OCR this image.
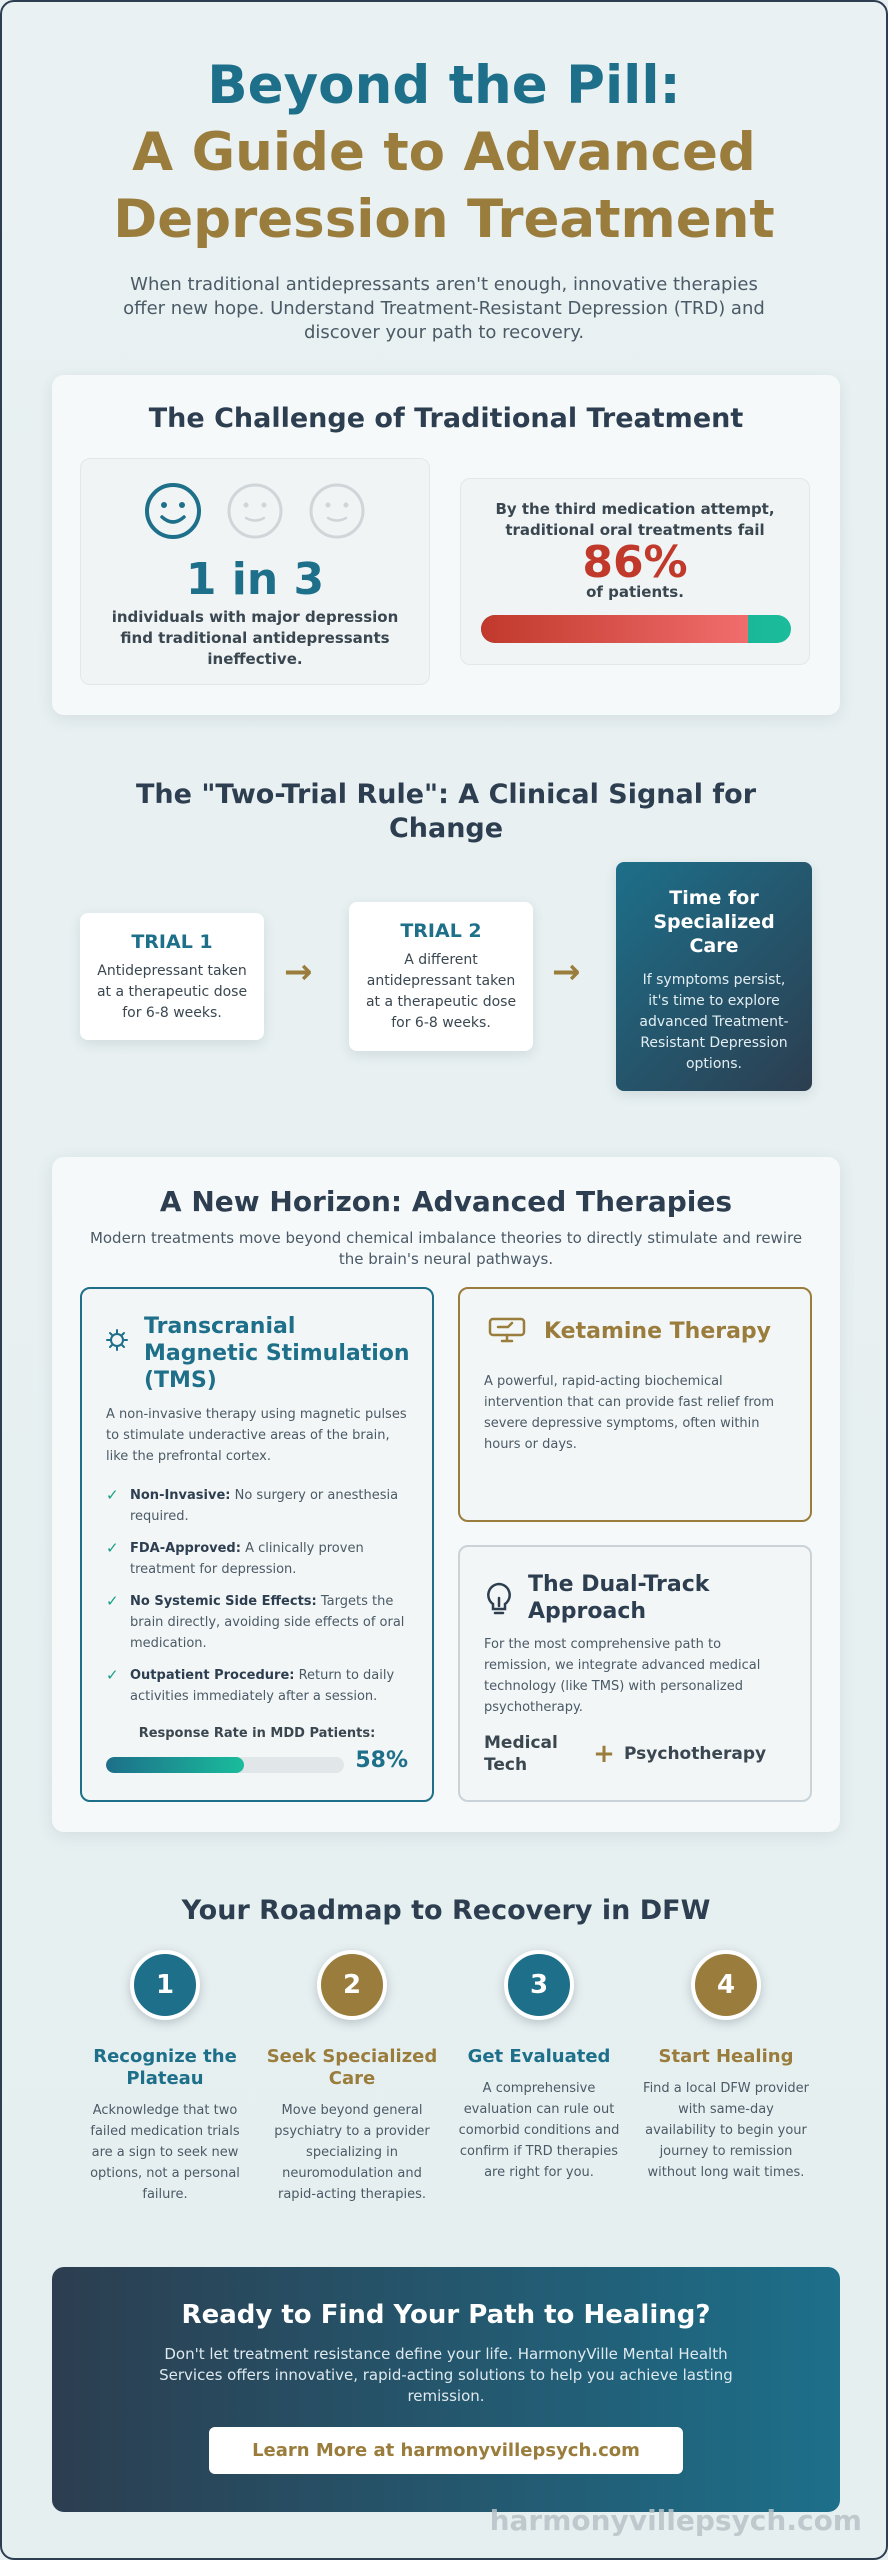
Beyond the Pill:
A Guide to Advanced
Depression Treatment

When traditional antidepressants aren't enough, innovative therapies offer new hope. Understand Treatment-Resistant Depression (TRD) and discover your path to recovery.

The Challenge of Traditional Treatment
1 in 3
individuals with major depression find traditional antidepressants ineffective.
By the third medication attempt, traditional oral treatments fail
86%
of patients.
The "Two-Trial Rule": A Clinical Signal for Change
TRIAL 1

Antidepressant taken at a therapeutic dose for 6-8 weeks.

→
TRIAL 2

A different antidepressant taken at a therapeutic dose for 6-8 weeks.

→
Time for Specialized Care

If symptoms persist, it's time to explore advanced Treatment-Resistant Depression options.

A New Horizon: Advanced Therapies

Modern treatments move beyond chemical imbalance theories to directly stimulate and rewire the brain's neural pathways.

Transcranial Magnetic Stimulation (TMS)

A non-invasive therapy using magnetic pulses to stimulate underactive areas of the brain, like the prefrontal cortex.

✓ Non-Invasive: No surgery or anesthesia required.
✓ FDA-Approved: A clinically proven treatment for depression.
✓ No Systemic Side Effects: Targets the brain directly, avoiding side effects of oral medication.
✓ Outpatient Procedure: Return to daily activities immediately after a session.
Response Rate in MDD Patients:
58%
Ketamine Therapy

A powerful, rapid-acting biochemical intervention that can provide fast relief from severe depressive symptoms, often within hours or days.

The Dual-Track Approach

For the most comprehensive path to remission, we integrate advanced medical technology (like TMS) with personalized psychotherapy.

Medical Tech	+ Psychotherapy
Your Roadmap to Recovery in DFW
1
Recognize the Plateau

Acknowledge that two failed medication trials are a sign to seek new options, not a personal failure.

2
Seek Specialized Care

Move beyond general psychiatry to a provider specializing in neuromodulation and rapid-acting therapies.

3
Get Evaluated

A comprehensive evaluation can rule out comorbid conditions and confirm if TRD therapies are right for you.

4
Start Healing

Find a local DFW provider with same-day availability to begin your journey to remission without long wait times.

Ready to Find Your Path to Healing?

Don't let treatment resistance define your life. HarmonyVille Mental Health Services offers innovative, rapid-acting solutions to help you achieve lasting remission.

Learn More at harmonyvillepsych.com
harmonyvillepsych.com
